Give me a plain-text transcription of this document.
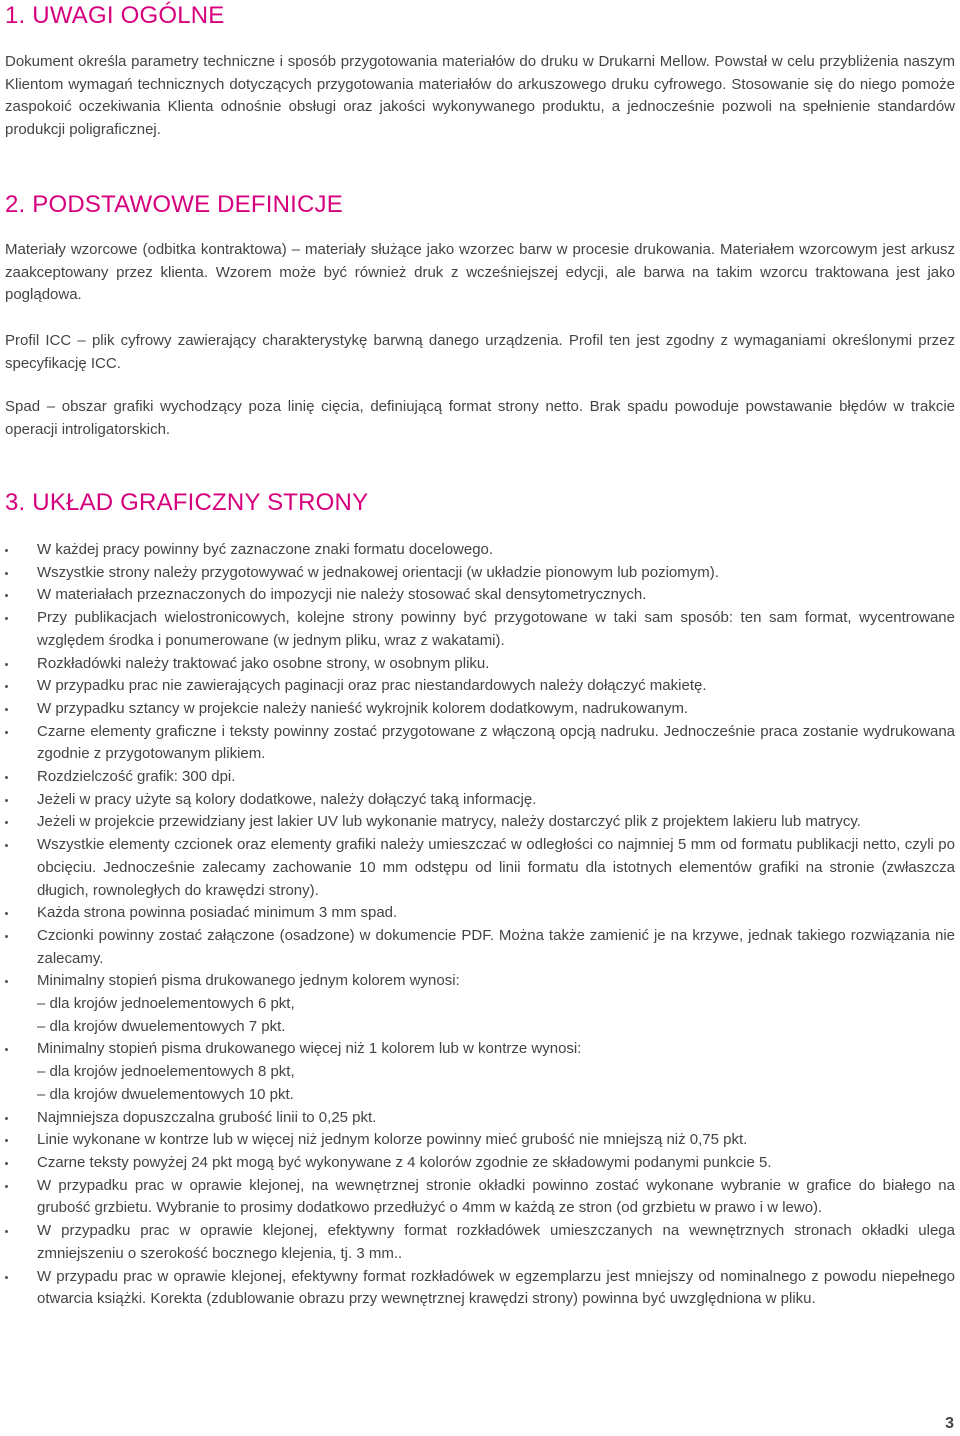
1. UWAGI OGÓLNE

Dokument określa parametry techniczne i sposób przygotowania materiałów do druku w Drukarni Mellow. Powstał w celu przybliżenia naszym Klientom wymagań technicznych dotyczących przygotowania materiałów do arkuszowego druku cyfrowego. Stosowanie się do niego pomoże zaspokoić oczekiwania Klienta odnośnie obsługi oraz jakości wykonywanego produktu, a jednocześnie pozwoli na spełnienie standardów produkcji poligraficznej.

2. PODSTAWOWE DEFINICJE

Materiały wzorcowe (odbitka kontraktowa) – materiały służące jako wzorzec barw w procesie drukowania. Materiałem wzorcowym jest arkusz zaakceptowany przez klienta. Wzorem może być również druk z wcześniejszej edycji, ale barwa na takim wzorcu traktowana jest jako poglądowa.

Profil ICC – plik cyfrowy zawierający charakterystykę barwną danego urządzenia. Profil ten jest zgodny z wymaganiami określonymi przez specyfikację ICC.

Spad – obszar grafiki wychodzący poza linię cięcia, definiującą format strony netto. Brak spadu powoduje powstawanie błędów w trakcie operacji introligatorskich.

3. UKŁAD GRAFICZNY STRONY
W każdej pracy powinny być zaznaczone znaki formatu docelowego.
Wszystkie strony należy przygotowywać w jednakowej orientacji (w układzie pionowym lub poziomym).
W materiałach przeznaczonych do impozycji nie należy stosować skal densytometrycznych.
Przy publikacjach wielostronicowych, kolejne strony powinny być przygotowane w taki sam sposób: ten sam format, wycentrowane względem środka i ponumerowane (w jednym pliku, wraz z wakatami).
Rozkładówki należy traktować jako osobne strony, w osobnym pliku.
W przypadku prac nie zawierających paginacji oraz prac niestandardowych należy dołączyć makietę.
W przypadku sztancy w projekcie należy nanieść wykrojnik kolorem dodatkowym, nadrukowanym.
Czarne elementy graficzne i teksty powinny zostać przygotowane z włączoną opcją nadruku. Jednocześnie praca zostanie wydrukowana zgodnie z przygotowanym plikiem.
Rozdzielczość grafik: 300 dpi.
Jeżeli w pracy użyte są kolory dodatkowe, należy dołączyć taką informację.
Jeżeli w projekcie przewidziany jest lakier UV lub wykonanie matrycy, należy dostarczyć plik z projektem lakieru lub matrycy.
Wszystkie elementy czcionek oraz elementy grafiki należy umieszczać w odległości co najmniej 5 mm od formatu publikacji netto, czyli po obcięciu. Jednocześnie zalecamy zachowanie 10 mm odstępu od linii formatu dla istotnych elementów grafiki na stronie (zwłaszcza długich, rownoległych do krawędzi strony).
Każda strona powinna posiadać minimum 3 mm spad.
Czcionki powinny zostać załączone (osadzone) w dokumencie PDF. Można także zamienić je na krzywe, jednak takiego rozwiązania nie zalecamy.
Minimalny stopień pisma drukowanego jednym kolorem wynosi:
– dla krojów jednoelementowych 6 pkt,
– dla krojów dwuelementowych 7 pkt.
Minimalny stopień pisma drukowanego więcej niż 1 kolorem lub w kontrze wynosi:
– dla krojów jednoelementowych 8 pkt,
– dla krojów dwuelementowych 10 pkt.
Najmniejsza dopuszczalna grubość linii to 0,25 pkt.
Linie wykonane w kontrze lub w więcej niż jednym kolorze powinny mieć grubość nie mniejszą niż 0,75 pkt.
Czarne teksty powyżej 24 pkt mogą być wykonywane z 4 kolorów zgodnie ze składowymi podanymi punkcie 5.
W przypadku prac w oprawie klejonej, na wewnętrznej stronie okładki powinno zostać wykonane wybranie w grafice do białego na grubość grzbietu. Wybranie to prosimy dodatkowo przedłużyć o 4mm w każdą ze stron (od grzbietu w prawo i w lewo).
W przypadku prac w oprawie klejonej, efektywny format rozkładówek umieszczanych na wewnętrznych stronach okładki ulega zmniejszeniu o szerokość bocznego klejenia, tj. 3 mm..
W przypadu prac w oprawie klejonej, efektywny format rozkładówek w egzemplarzu jest mniejszy od nominalnego z powodu niepełnego otwarcia książki. Korekta (zdublowanie obrazu przy wewnętrznej krawędzi strony) powinna być uwzględniona w pliku.
3
